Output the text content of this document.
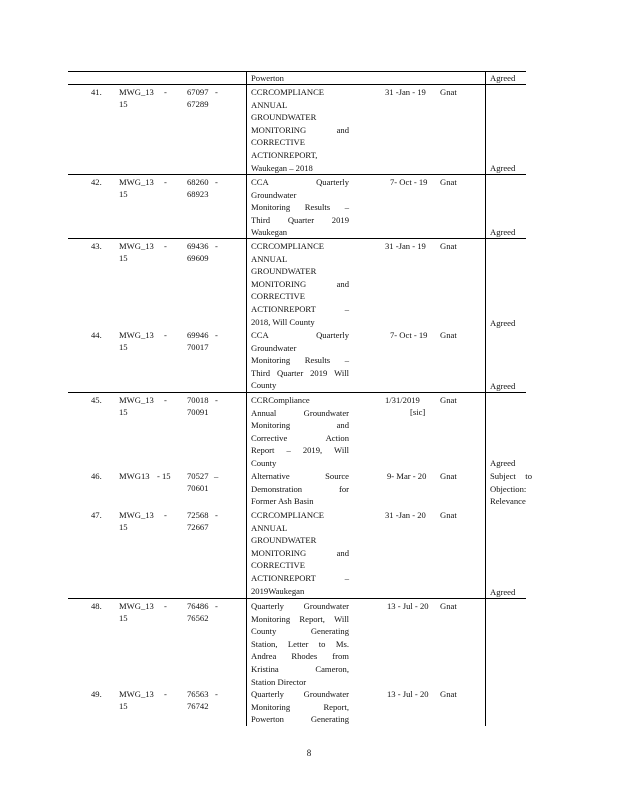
Powerton	Agreed
41. MWG_13 -
15
67097 -
67289
CCRCOMPLIANCE
ANNUAL
GROUNDWATER
MONITORING and
CORRECTIVE
ACTIONREPORT,
Waukegan – 2018
31 -Jan - 19 Gnat
Agreed
42. MWG_13 -
15
68260 -
68923
CCA Quarterly
Groundwater
Monitoring Results –
Third Quarter 2019
Waukegan
7- Oct - 19 Gnat
Agreed
43. MWG_13 -
15
69436 -
69609
CCRCOMPLIANCE
ANNUAL
GROUNDWATER
MONITORING and
CORRECTIVE
ACTIONREPORT –
2018, Will County
31 -Jan - 19 Gnat
Agreed
44. MWG_13 -
15
69946 -
70017
CCA Quarterly
Groundwater
Monitoring Results –
Third Quarter 2019 Will
County
7- Oct - 19 Gnat
Agreed
45. MWG_13 -
15
70018 -
70091
CCRCompliance
Annual Groundwater
Monitoring and
Corrective Action
Report – 2019, Will
County
1/31/2019
[sic]
Gnat
Agreed
46. MWG13 - 15 70527 –
70601
Alternative Source
Demonstration for
Former Ash Basin
9- Mar - 20 Gnat	Subject to
Objection:
Relevance
47. MWG_13 -
15
72568 -
72667
CCRCOMPLIANCE
ANNUAL
GROUNDWATER
MONITORING and
CORRECTIVE
ACTIONREPORT –
2019Waukegan
31 -Jan - 20 Gnat
Agreed
48. MWG_13 -
15
76486 -
76562
Quarterly Groundwater
Monitoring Report, Will
County Generating
Station, Letter to Ms.
Andrea Rhodes from
Kristina Cameron,
Station Director
13 - Jul - 20 Gnat
49. MWG_13 -
15
76563 -
76742
Quarterly Groundwater
Monitoring Report,
Powerton Generating
13 - Jul - 20 Gnat
8
